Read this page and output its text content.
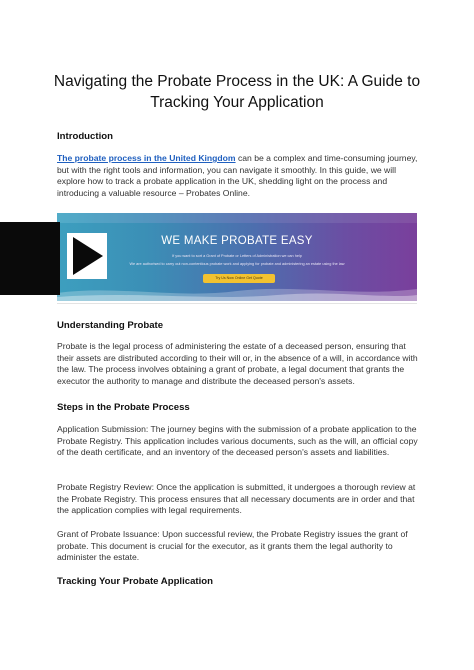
Navigating the Probate Process in the UK: A Guide to Tracking Your Application
Introduction
The probate process in the United Kingdom can be a complex and time-consuming journey, but with the right tools and information, you can navigate it smoothly. In this guide, we will explore how to track a probate application in the UK, shedding light on the process and introducing a valuable resource – Probates Online.
WE MAKE PROBATE EASY
If you want to sort a Grant of Probate or Letters of Administration we can help
We are authorised to carry out non-contentious probate work and applying for probate and administering an estate using the law
Try Us Now Online Get Quote
Understanding Probate
Probate is the legal process of administering the estate of a deceased person, ensuring that their assets are distributed according to their will or, in the absence of a will, in accordance with the law. The process involves obtaining a grant of probate, a legal document that grants the executor the authority to manage and distribute the deceased person's assets.
Steps in the Probate Process
Application Submission: The journey begins with the submission of a probate application to the Probate Registry. This application includes various documents, such as the will, an official copy of the death certificate, and an inventory of the deceased person's assets and liabilities.
Probate Registry Review: Once the application is submitted, it undergoes a thorough review at the Probate Registry. This process ensures that all necessary documents are in order and that the application complies with legal requirements.
Grant of Probate Issuance: Upon successful review, the Probate Registry issues the grant of probate. This document is crucial for the executor, as it grants them the legal authority to administer the estate.
Tracking Your Probate Application
